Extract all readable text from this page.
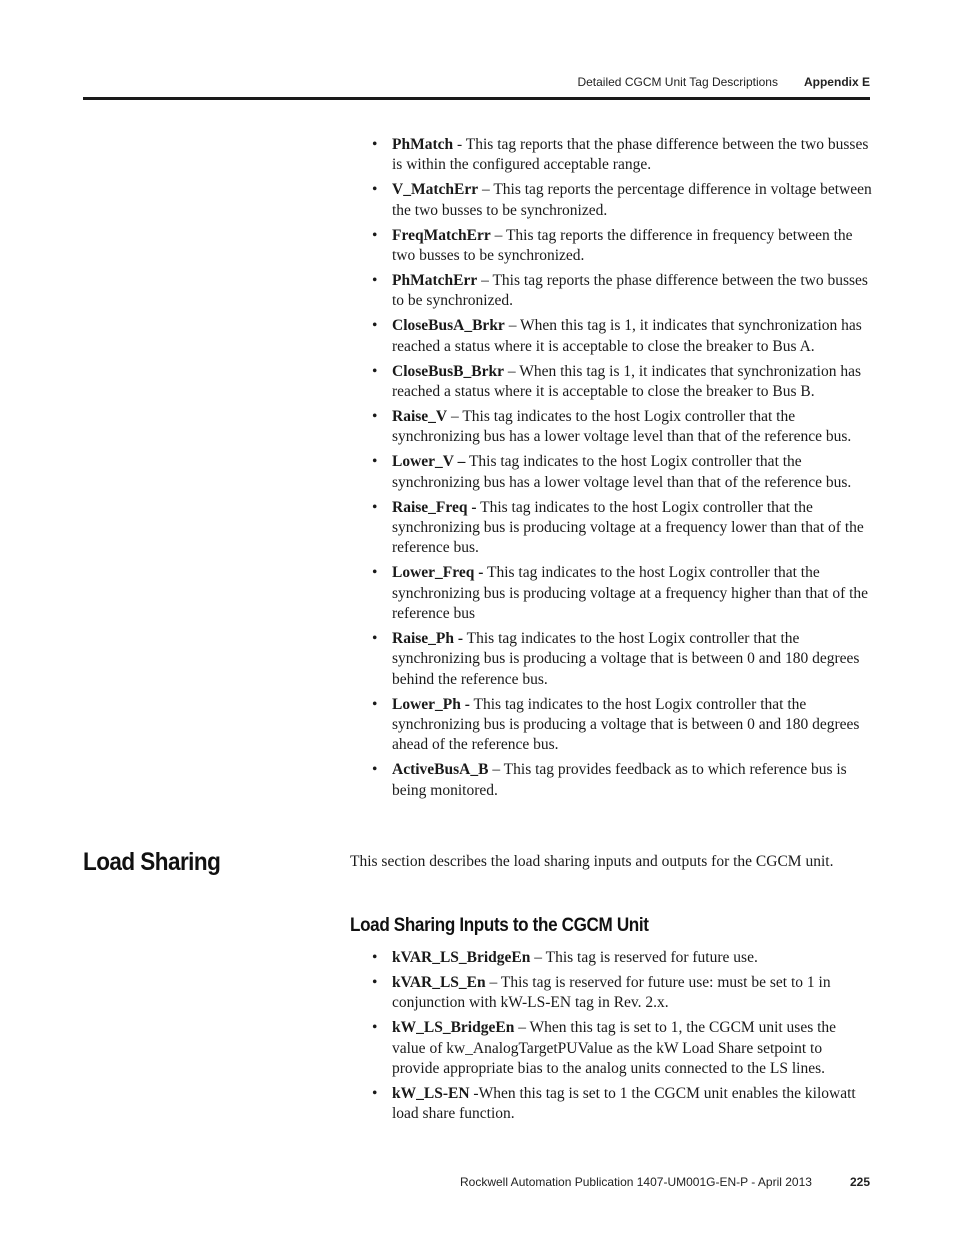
Detailed CGCM Unit Tag Descriptions Appendix E
• PhMatch - This tag reports that the phase difference between the two busses is within the configured acceptable range.
• V_MatchErr – This tag reports the percentage difference in voltage between the two busses to be synchronized.
• FreqMatchErr – This tag reports the difference in frequency between the two busses to be synchronized.
• PhMatchErr – This tag reports the phase difference between the two busses to be synchronized.
• CloseBusA_Brkr – When this tag is 1, it indicates that synchronization has reached a status where it is acceptable to close the breaker to Bus A.
• CloseBusB_Brkr – When this tag is 1, it indicates that synchronization has reached a status where it is acceptable to close the breaker to Bus B.
• Raise_V – This tag indicates to the host Logix controller that the synchronizing bus has a lower voltage level than that of the reference bus.
• Lower_V – This tag indicates to the host Logix controller that the synchronizing bus has a lower voltage level than that of the reference bus.
• Raise_Freq - This tag indicates to the host Logix controller that the synchronizing bus is producing voltage at a frequency lower than that of the reference bus.
• Lower_Freq - This tag indicates to the host Logix controller that the synchronizing bus is producing voltage at a frequency higher than that of the reference bus
• Raise_Ph - This tag indicates to the host Logix controller that the synchronizing bus is producing a voltage that is between 0 and 180 degrees behind the reference bus.
• Lower_Ph - This tag indicates to the host Logix controller that the synchronizing bus is producing a voltage that is between 0 and 180 degrees ahead of the reference bus.
• ActiveBusA_B – This tag provides feedback as to which reference bus is being monitored.
Load Sharing	This section describes the load sharing inputs and outputs for the CGCM unit.
Load Sharing Inputs to the CGCM Unit
• kVAR_LS_BridgeEn – This tag is reserved for future use.
• kVAR_LS_En – This tag is reserved for future use: must be set to 1 in conjunction with kW-LS-EN tag in Rev. 2.x.
• kW_LS_BridgeEn – When this tag is set to 1, the CGCM unit uses the value of kw_AnalogTargetPUValue as the kW Load Share setpoint to provide appropriate bias to the analog units connected to the LS lines.
• kW_LS-EN -When this tag is set to 1 the CGCM unit enables the kilowatt load share function.
Rockwell Automation Publication 1407-UM001G-EN-P - April 2013	225
